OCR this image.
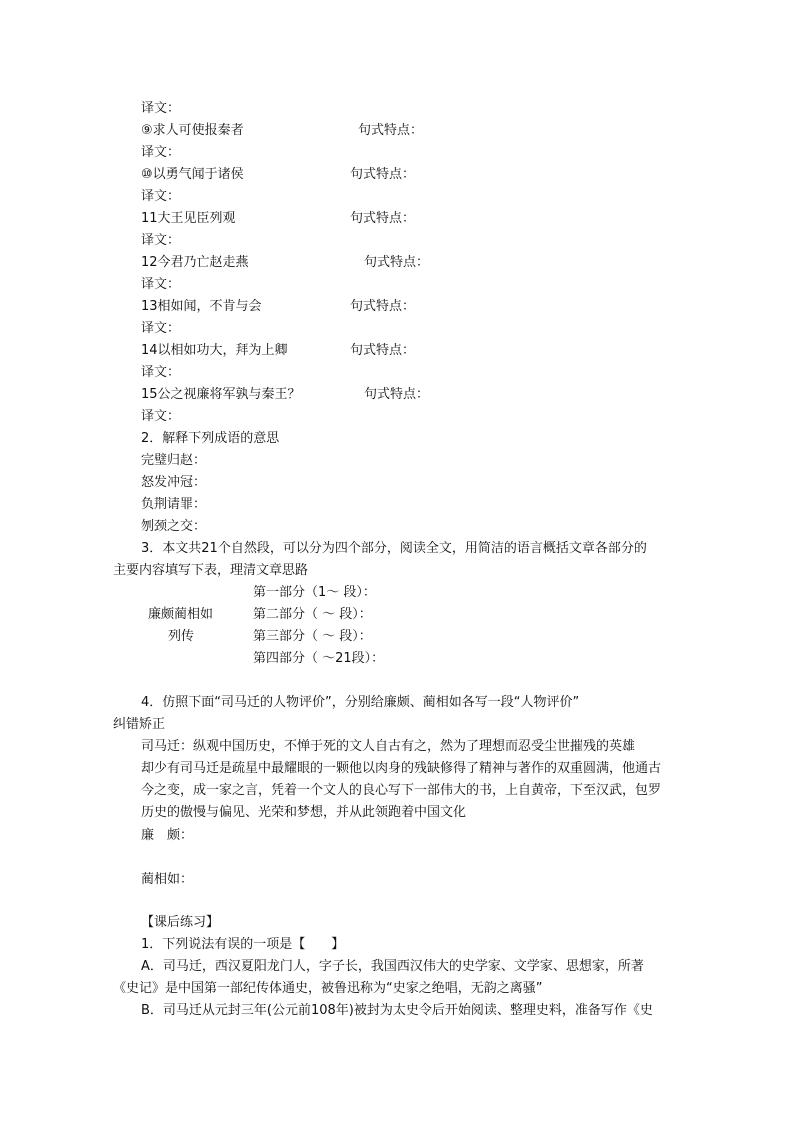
译文：
⑨求人可使报秦者	句式特点：
译文：
⑩以勇气闻于诸侯	句式特点：
译文：
11大王见臣列观	句式特点：
译文：
12今君乃亡赵走燕	句式特点：
译文：
13相如闻，不肯与会	句式特点：
译文：
14以相如功大，拜为上卿	句式特点：
译文：
15公之视廉将军孰与秦王？	句式特点：
译文：
2．解释下列成语的意思
完璧归赵：
怒发冲冠：
负荆请罪：
刎颈之交：
3．本文共21个自然段，可以分为四个部分，阅读全文，用简洁的语言概括文章各部分的
主要内容填写下表，理清文章思路
第一部分（1～ 段）：
廉颇蔺相如	第二部分（ ～ 段）：
列传	第三部分（ ～ 段）：
第四部分（ ～21段）：
4．仿照下面“司马迁的人物评价”，分别给廉颇、蔺相如各写一段“人物评价”
纠错矫正
司马迁：纵观中国历史，不惮于死的文人自古有之，然为了理想而忍受尘世摧残的英雄
却少有司马迁是疏星中最耀眼的一颗他以肉身的残缺修得了精神与著作的双重圆满，他通古
今之变，成一家之言，凭着一个文人的良心写下一部伟大的书，上自黄帝，下至汉武，包罗
历史的傲慢与偏见、光荣和梦想，并从此领跑着中国文化
廉　颇：
蔺相如：
【课后练习】
1．下列说法有误的一项是【　　】
A．司马迁，西汉夏阳龙门人，字子长，我国西汉伟大的史学家、文学家、思想家，所著
《史记》是中国第一部纪传体通史，被鲁迅称为“史家之绝唱，无韵之离骚”
B．司马迁从元封三年(公元前108年)被封为太史令后开始阅读、整理史料，准备写作《史
